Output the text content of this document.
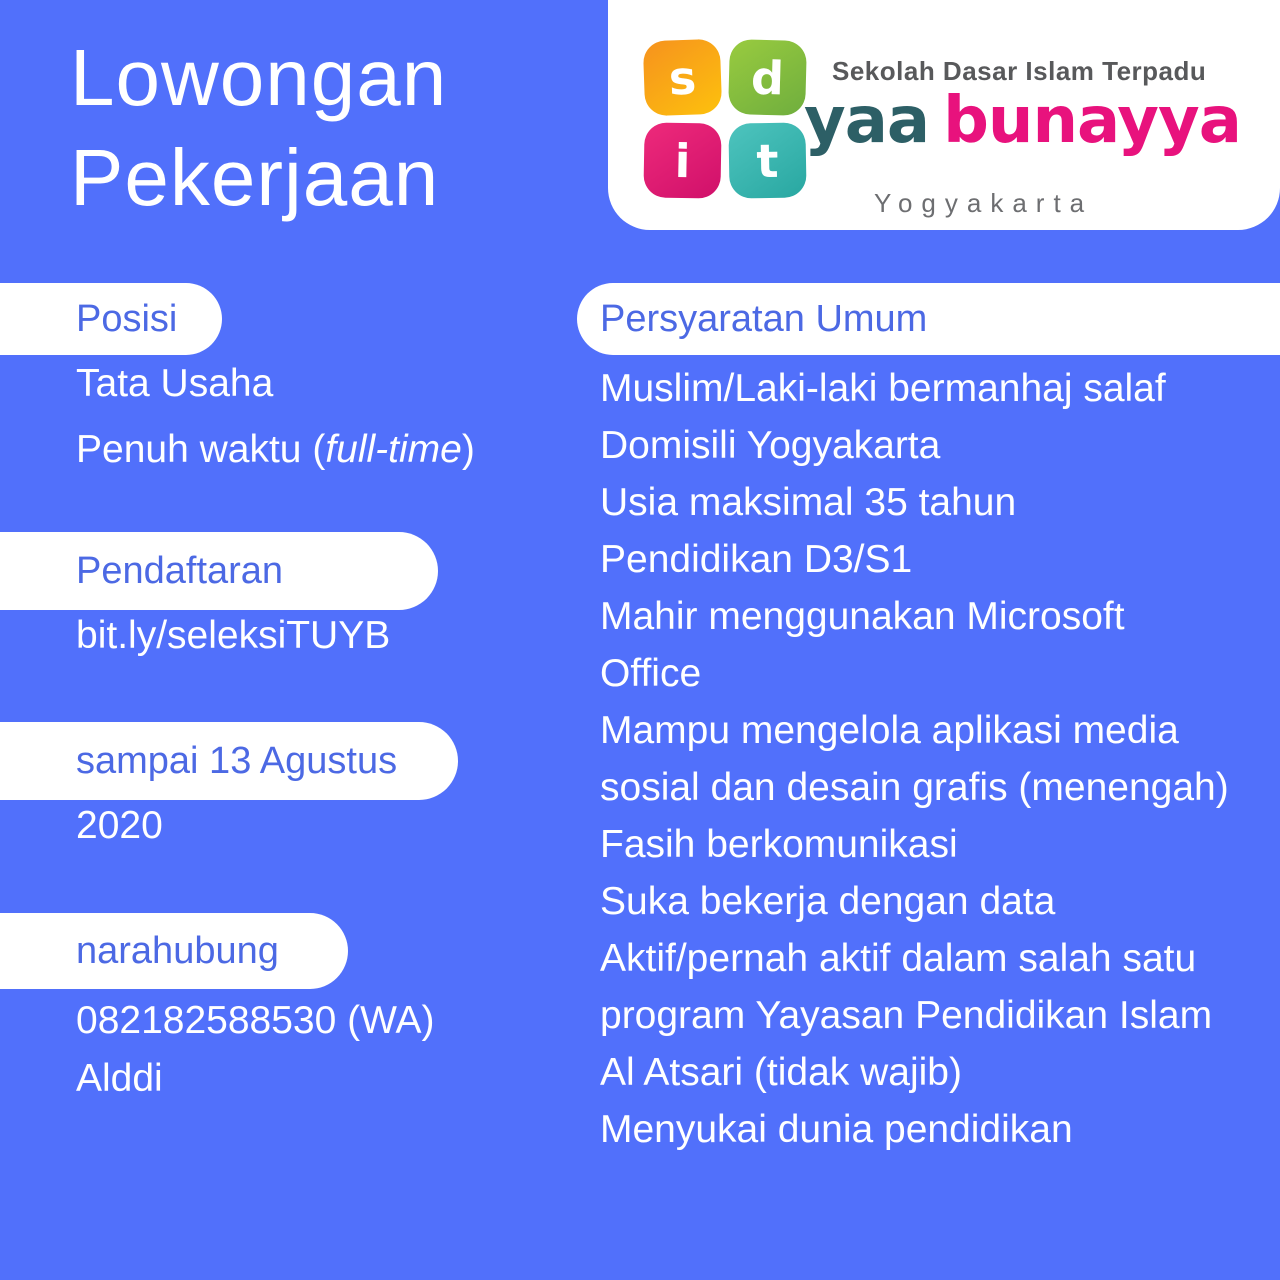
Lowongan
Pekerjaan
s	d
i	t
Sekolah Dasar Islam Terpadu
yaa bunayya
Yogyakarta
Posisi
Tata Usaha
Penuh waktu (full-time)
Pendaftaran
bit.ly/seleksiTUYB
sampai 13 Agustus
2020
narahubung
082182588530 (WA)
Alddi
Persyaratan Umum
Muslim/Laki-laki bermanhaj salaf
Domisili Yogyakarta
Usia maksimal 35 tahun
Pendidikan D3/S1
Mahir menggunakan Microsoft
Office
Mampu mengelola aplikasi media
sosial dan desain grafis (menengah)
Fasih berkomunikasi
Suka bekerja dengan data
Aktif/pernah aktif dalam salah satu
program Yayasan Pendidikan Islam
Al Atsari (tidak wajib)
Menyukai dunia pendidikan
